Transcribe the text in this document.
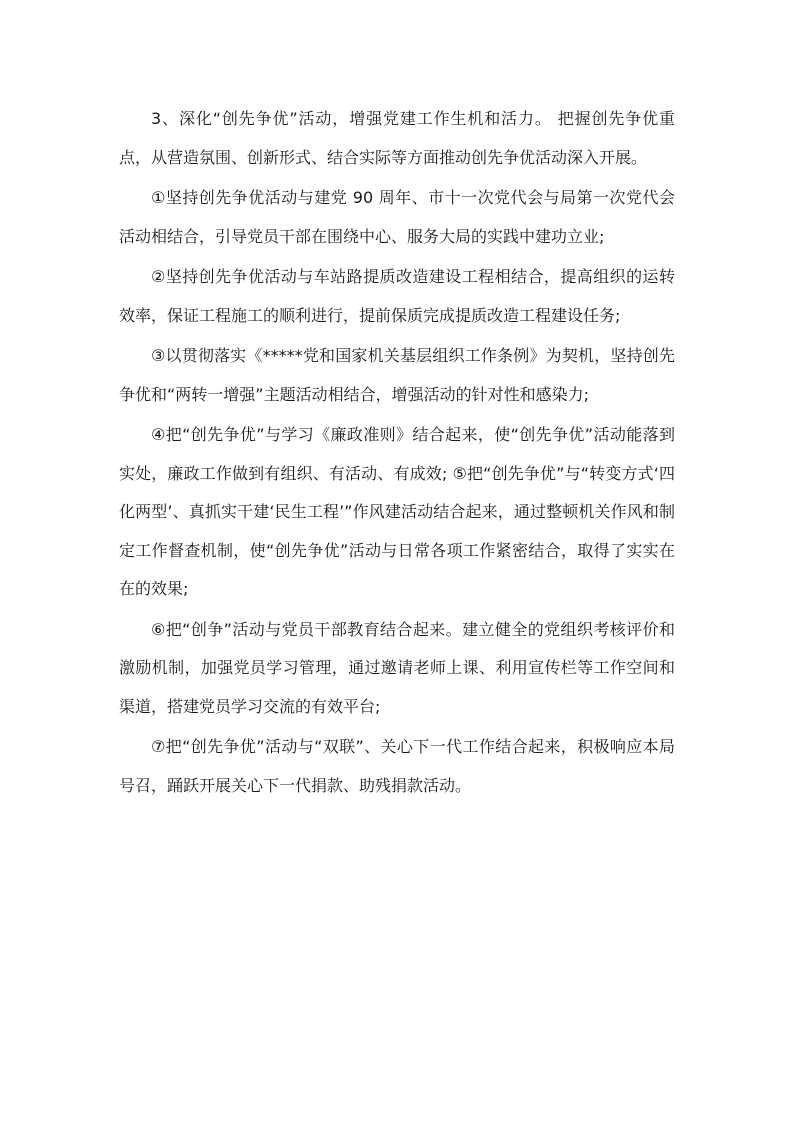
3、深化“创先争优”活动，增强党建工作生机和活力。 把握创先争优重点，从营造氛围、创新形式、结合实际等方面推动创先争优活动深入开展。

①坚持创先争优活动与建党 90 周年、市十一次党代会与局第一次党代会活动相结合，引导党员干部在围绕中心、服务大局的实践中建功立业;

②坚持创先争优活动与车站路提质改造建设工程相结合，提高组织的运转效率，保证工程施工的顺利进行，提前保质完成提质改造工程建设任务;

③以贯彻落实《*****党和国家机关基层组织工作条例》为契机，坚持创先争优和“两转一增强”主题活动相结合，增强活动的针对性和感染力;

④把“创先争优”与学习《廉政准则》结合起来，使“创先争优”活动能落到实处，廉政工作做到有组织、有活动、有成效; ⑤把“创先争优”与“转变方式‘四化两型’、真抓实干建‘民生工程’”作风建活动结合起来，通过整顿机关作风和制定工作督查机制，使“创先争优”活动与日常各项工作紧密结合，取得了实实在在的效果;

⑥把“创争”活动与党员干部教育结合起来。建立健全的党组织考核评价和激励机制，加强党员学习管理，通过邀请老师上课、利用宣传栏等工作空间和渠道，搭建党员学习交流的有效平台;

⑦把“创先争优”活动与“双联”、关心下一代工作结合起来，积极响应本局号召，踊跃开展关心下一代捐款、助残捐款活动。
